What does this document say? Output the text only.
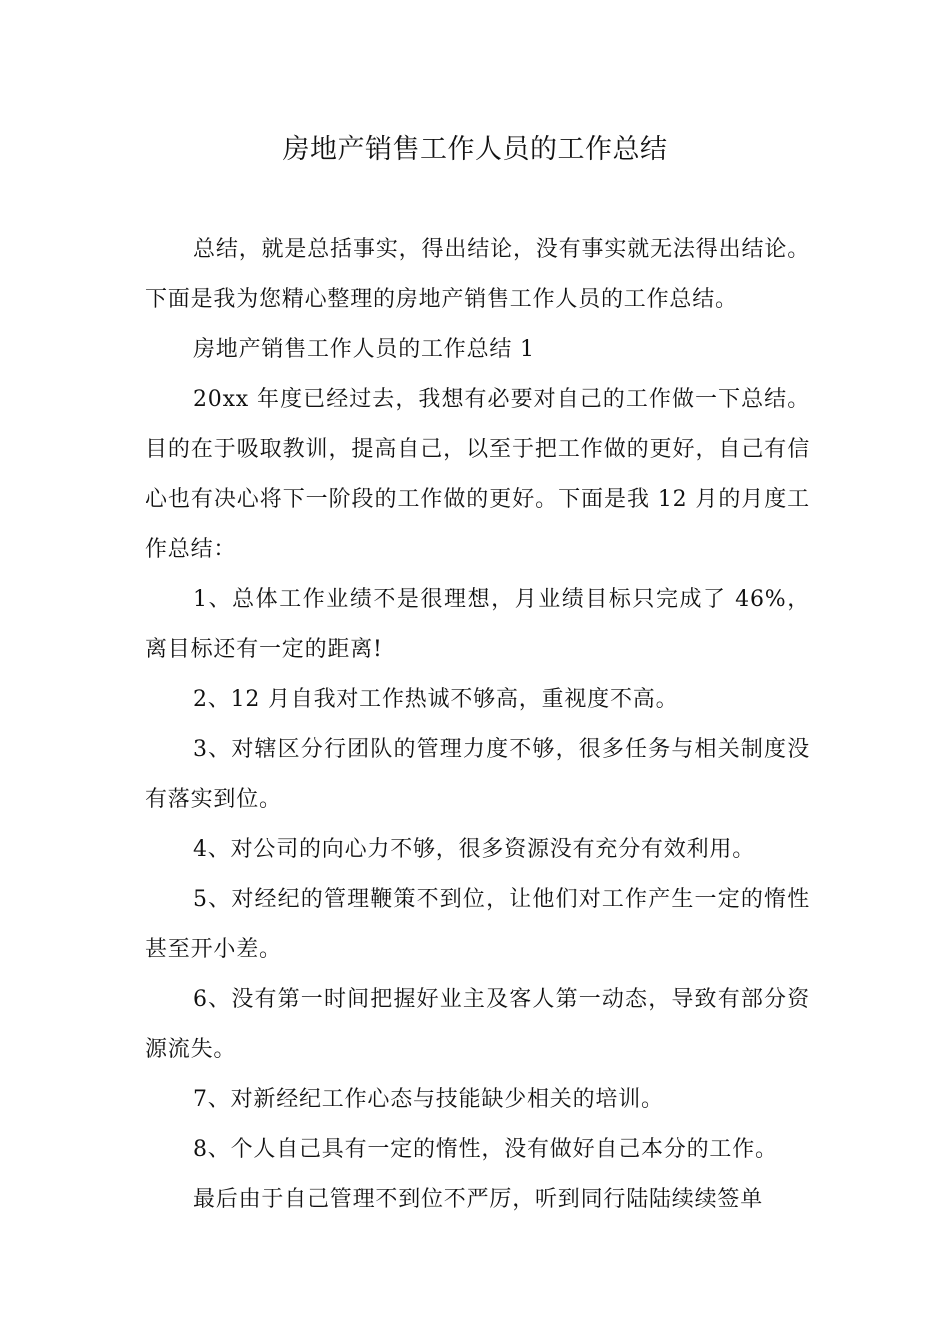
房地产销售工作人员的工作总结

总结，就是总括事实，得出结论，没有事实就无法得出结论。下面是我为您精心整理的房地产销售工作人员的工作总结。

房地产销售工作人员的工作总结 1

20xx 年度已经过去，我想有必要对自己的工作做一下总结。目的在于吸取教训，提高自己，以至于把工作做的更好，自己有信心也有决心将下一阶段的工作做的更好。下面是我 12 月的月度工作总结：

1、总体工作业绩不是很理想，月业绩目标只完成了 46%，离目标还有一定的距离!

2、12 月自我对工作热诚不够高，重视度不高。

3、对辖区分行团队的管理力度不够，很多任务与相关制度没有落实到位。

4、对公司的向心力不够，很多资源没有充分有效利用。

5、对经纪的管理鞭策不到位，让他们对工作产生一定的惰性甚至开小差。

6、没有第一时间把握好业主及客人第一动态，导致有部分资源流失。

7、对新经纪工作心态与技能缺少相关的培训。

8、个人自己具有一定的惰性，没有做好自己本分的工作。

最后由于自己管理不到位不严厉，听到同行陆陆续续签单
